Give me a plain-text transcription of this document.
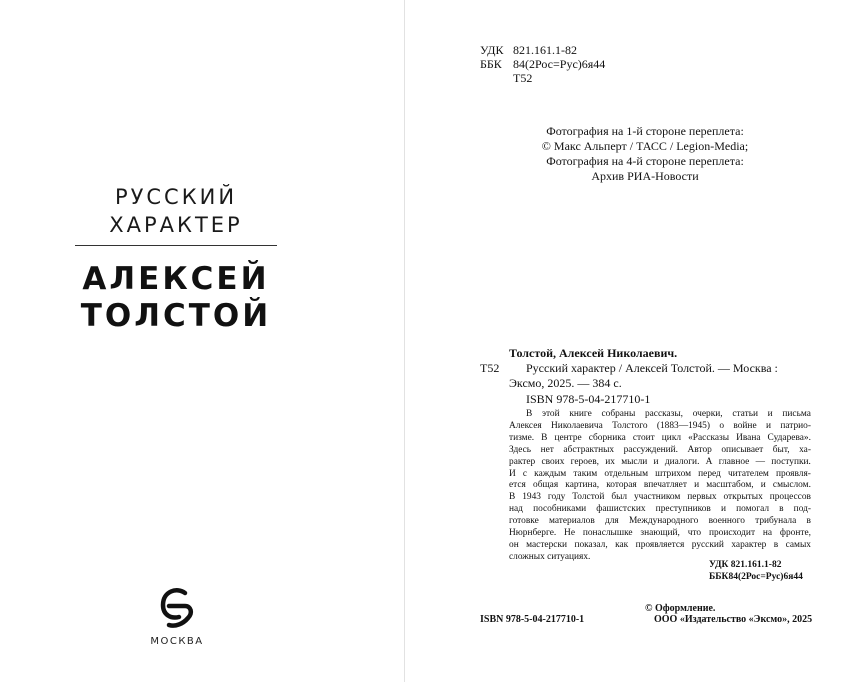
РУССКИЙ
ХАРАКТЕР
АЛЕКСЕЙ
ТОЛСТОЙ
МОСКВА
УДК 821.161.1-82
ББК 84(2Рос=Рус)6я44
Т52
Фотография на 1-й стороне переплета:
© Макс Альперт / ТАСС / Legion-Media;
Фотография на 4-й стороне переплета:
Архив РИА-Новости
Толстой, Алексей Николаевич.
Т52 Русский характер / Алексей Толстой. — Москва :
Эксмо, 2025. — 384 с.
ISBN 978-5-04-217710-1
В этой книге собраны рассказы, очерки, статьи и письма
Алексея Николаевича Толстого (1883—1945) о войне и патрио-
тизме. В центре сборника стоит цикл «Рассказы Ивана Сударева».
Здесь нет абстрактных рассуждений. Автор описывает быт, ха-
рактер своих героев, их мысли и диалоги. А главное — поступки.
И с каждым таким отдельным штрихом перед читателем проявля-
ется общая картина, которая впечатляет и масштабом, и смыслом.
В 1943 году Толстой был участником первых открытых процессов
над пособниками фашистских преступников и помогал в под-
готовке материалов для Международного военного трибунала в
Нюрнберге. Не понаслышке знающий, что происходит на фронте,
он мастерски показал, как проявляется русский характер в самых
сложных ситуациях.
УДК 821.161.1-82
ББК84(2Рос=Рус)6я44
ISBN 978-5-04-217710-1
© Оформление.
ООО «Издательство «Эксмо», 2025
